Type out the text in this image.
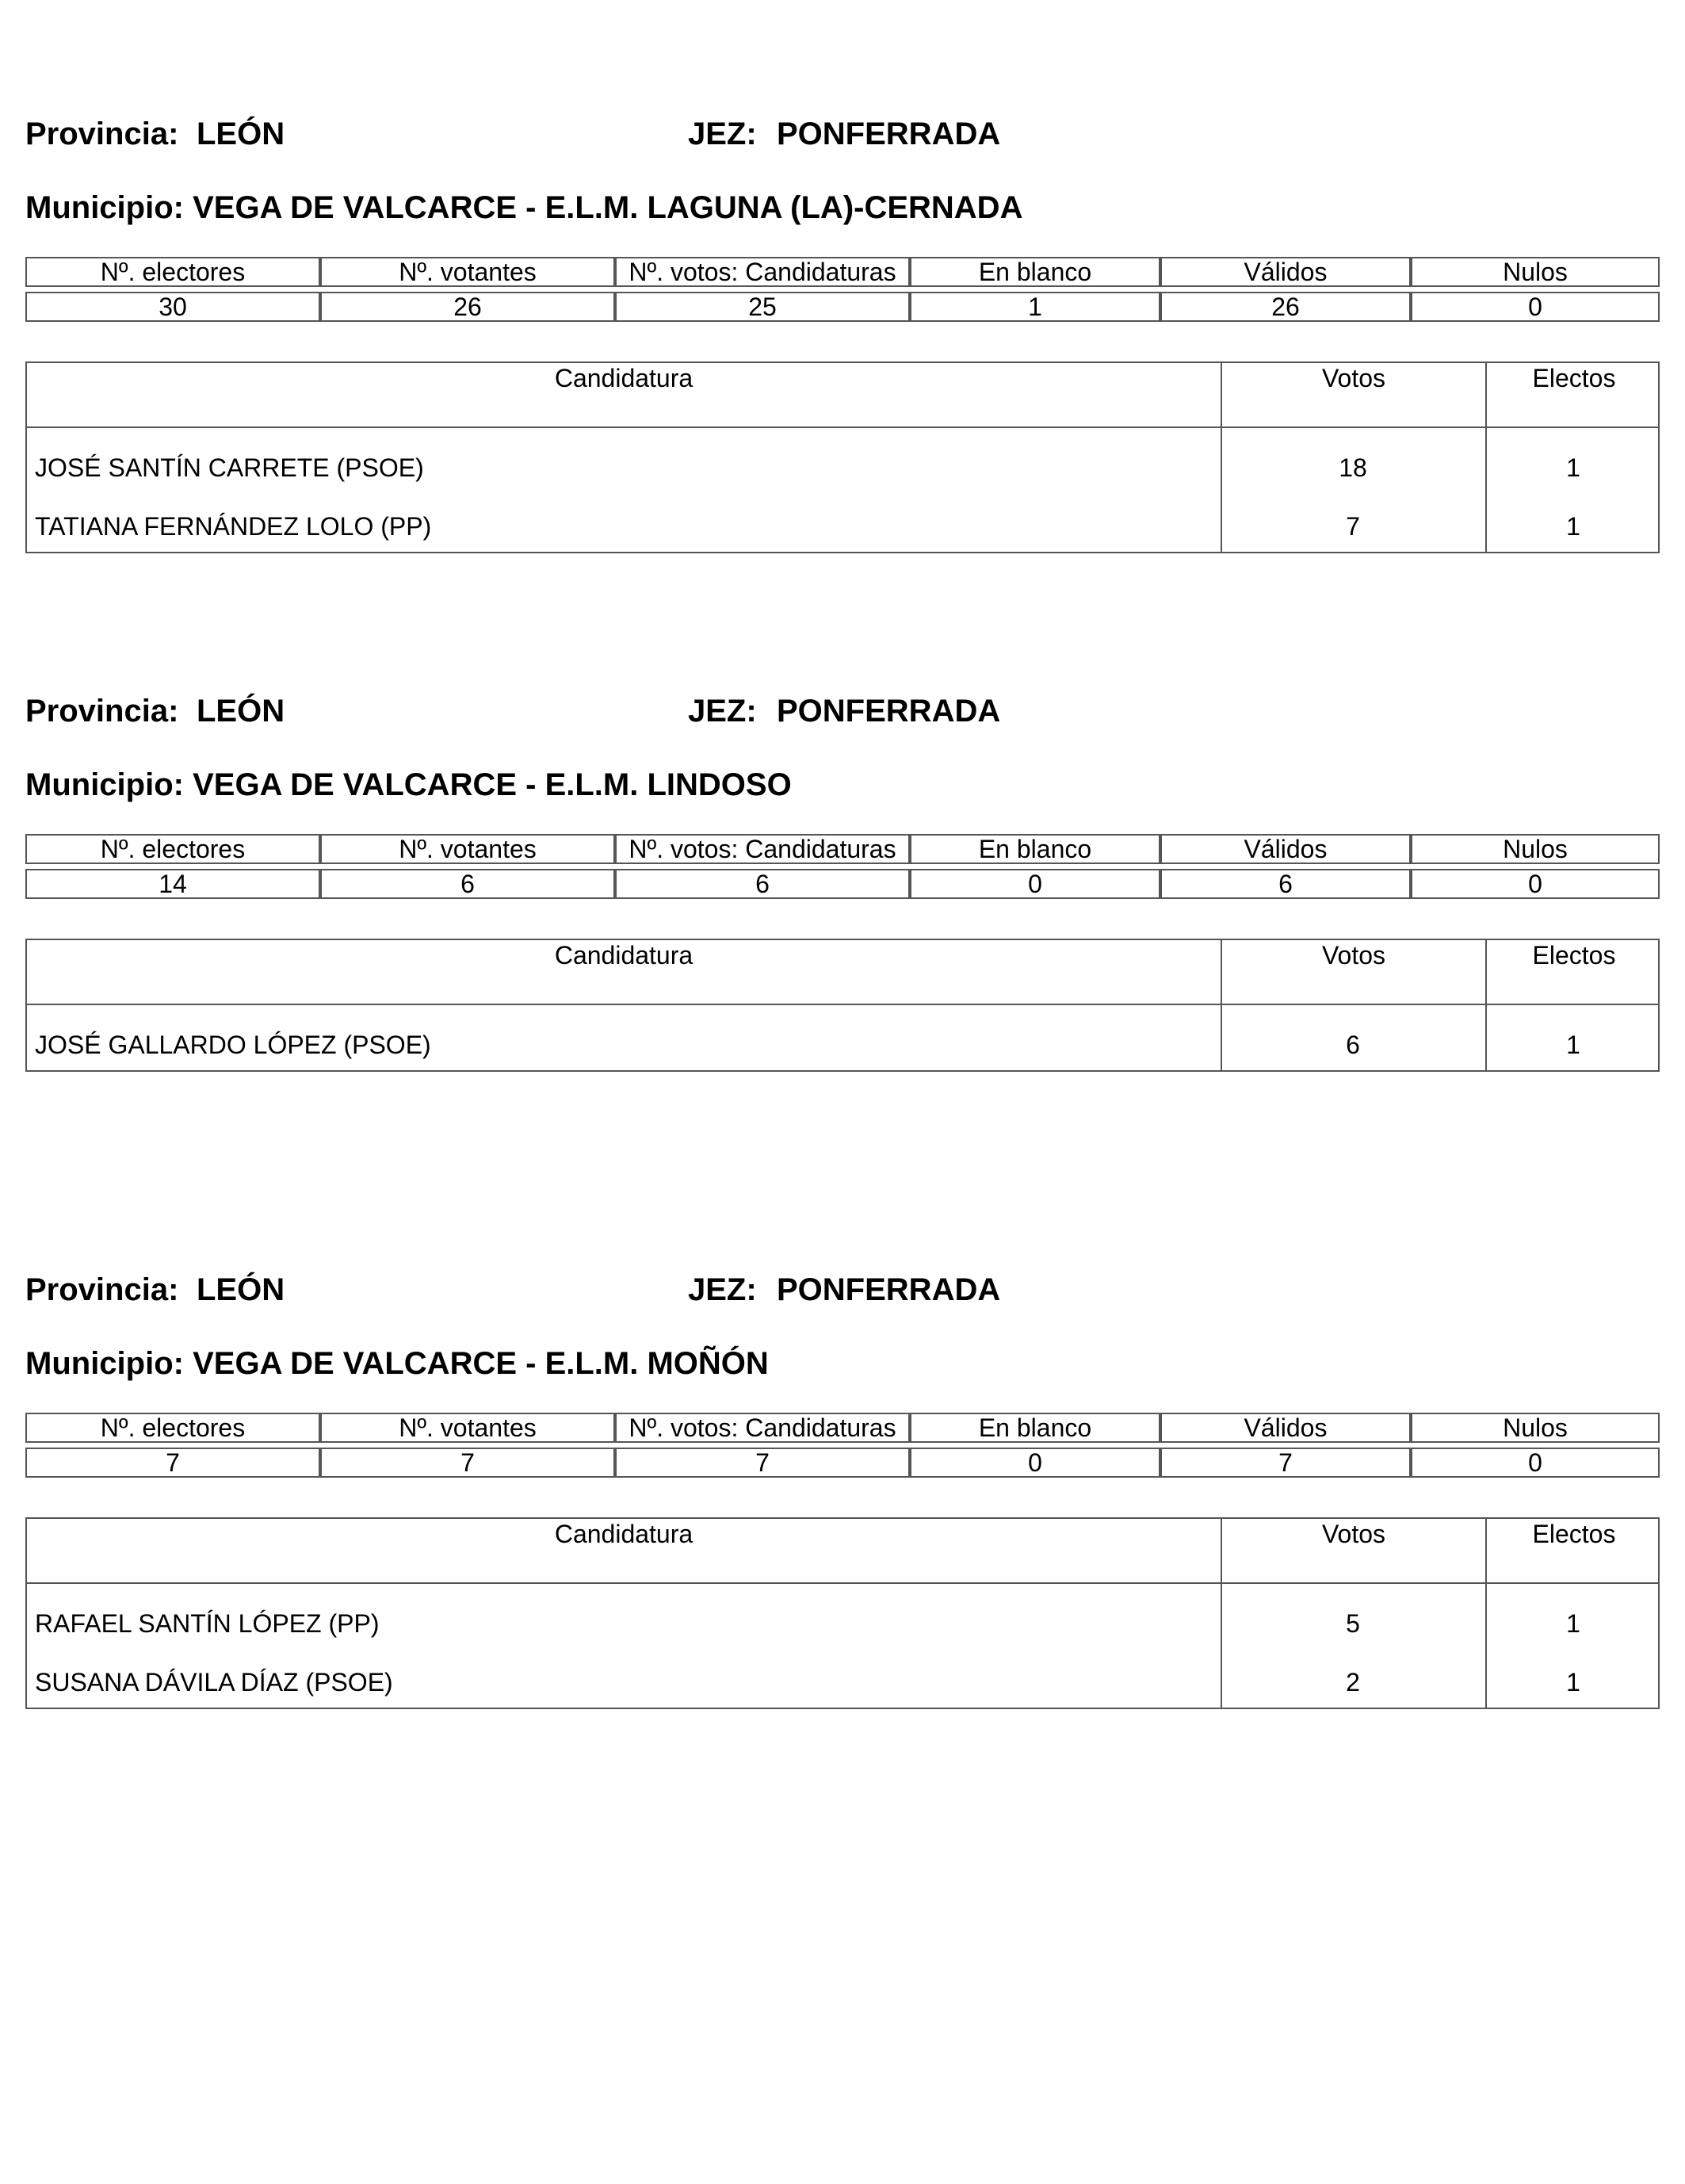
Provincia: LEÓN	JEZ: PONFERRADA
Municipio: VEGA DE VALCARCE - E.L.M. LAGUNA (LA)-CERNADA
Nº. electores	Nº. votantes	Nº. votos: Candidaturas	En blanco	Válidos	Nulos

30	26	25	1	26	0
Candidatura	Votos	Electos
JOSÉ SANTÍN CARRETE (PSOE)	18	1
TATIANA FERNÁNDEZ LOLO (PP)	7	1
Provincia: LEÓN	JEZ: PONFERRADA
Municipio: VEGA DE VALCARCE - E.L.M. LINDOSO
Nº. electores	Nº. votantes	Nº. votos: Candidaturas	En blanco	Válidos	Nulos

14	6	6	0	6	0
Candidatura	Votos	Electos
JOSÉ GALLARDO LÓPEZ (PSOE)	6	1
Provincia: LEÓN	JEZ: PONFERRADA
Municipio: VEGA DE VALCARCE - E.L.M. MOÑÓN
Nº. electores	Nº. votantes	Nº. votos: Candidaturas	En blanco	Válidos	Nulos

7	7	7	0	7	0
Candidatura	Votos	Electos
RAFAEL SANTÍN LÓPEZ (PP)	5	1
SUSANA DÁVILA DÍAZ (PSOE)	2	1
